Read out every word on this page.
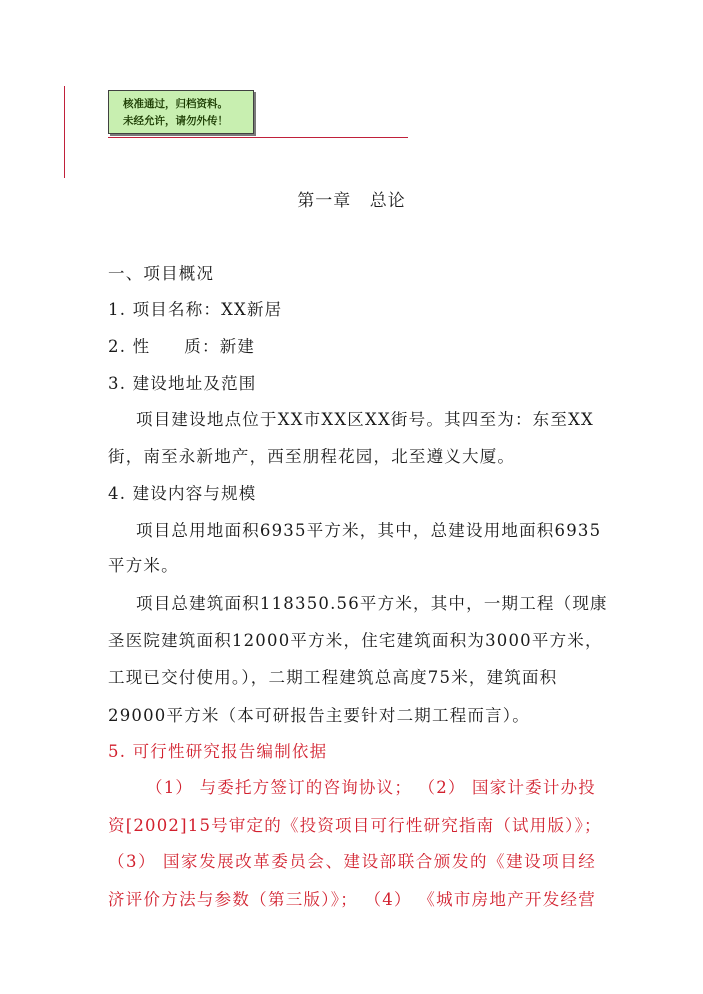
核准通过，归档资料。
未经允许，请勿外传！
第一章 总论
一、项目概况
1. 项目名称：XX新居
2. 性 质：新建
3. 建设地址及范围
项目建设地点位于XX市XX区XX街号。其四至为：东至XX
街，南至永新地产，西至朋程花园，北至遵义大厦。
4. 建设内容与规模
项目总用地面积6935平方米，其中，总建设用地面积6935
平方米。
项目总建筑面积118350.56平方米，其中，一期工程（现康
圣医院建筑面积12000平方米，住宅建筑面积为3000平方米，
工现已交付使用。），二期工程建筑总高度75米，建筑面积
29000平方米（本可研报告主要针对二期工程而言）。
5. 可行性研究报告编制依据
（1） 与委托方签订的咨询协议； （2） 国家计委计办投
资[2002]15号审定的《投资项目可行性研究指南（试用版）》；
（3） 国家发展改革委员会、建设部联合颁发的《建设项目经
济评价方法与参数（第三版）》； （4） 《城市房地产开发经营
